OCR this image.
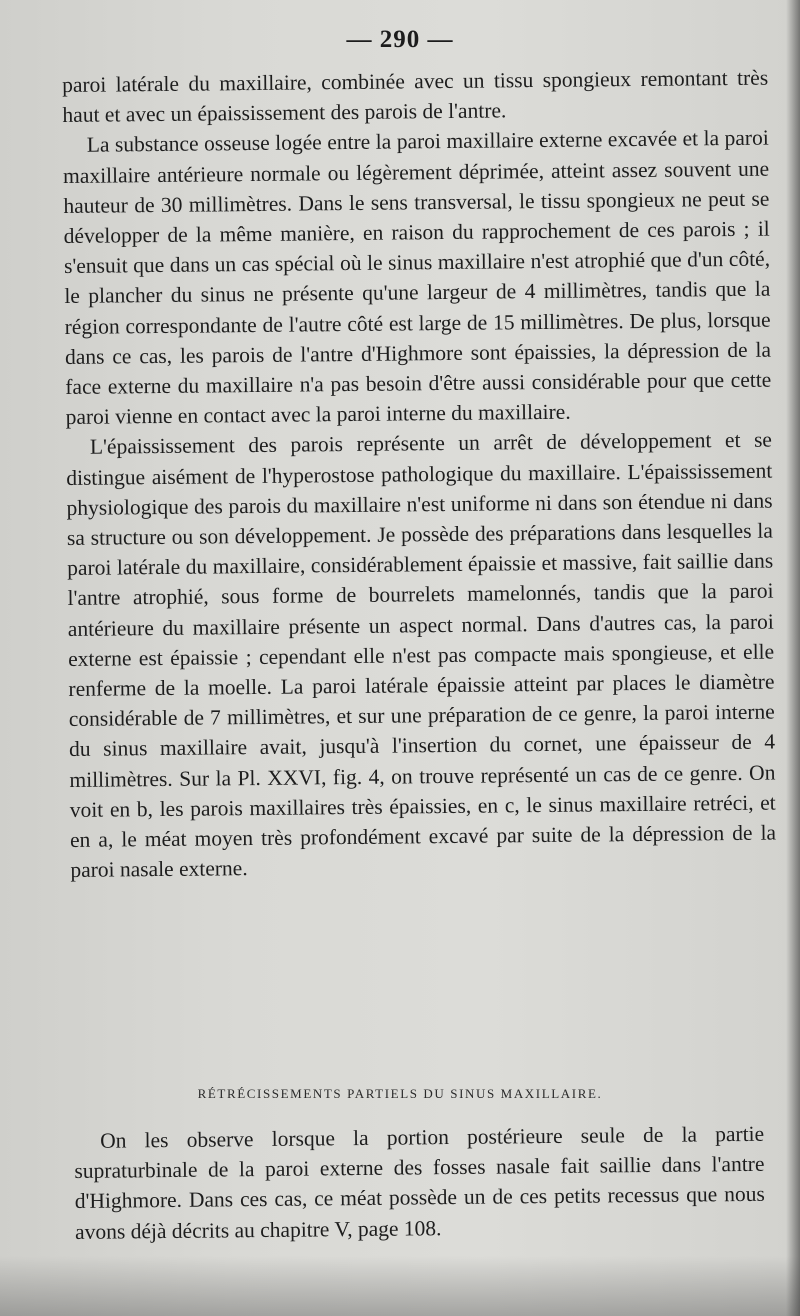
— 290 —

paroi latérale du maxillaire, combinée avec un tissu spongieux remontant très haut et avec un épaississement des parois de l'antre.

La substance osseuse logée entre la paroi maxillaire externe excavée et la paroi maxillaire antérieure normale ou légèrement déprimée, atteint assez souvent une hauteur de 30 millimètres. Dans le sens transversal, le tissu spongieux ne peut se développer de la même manière, en raison du rapprochement de ces parois ; il s'ensuit que dans un cas spécial où le sinus maxillaire n'est atrophié que d'un côté, le plancher du sinus ne présente qu'une largeur de 4 millimètres, tandis que la région correspondante de l'autre côté est large de 15 millimètres. De plus, lorsque dans ce cas, les parois de l'antre d'Highmore sont épaissies, la dépression de la face externe du maxillaire n'a pas besoin d'être aussi considérable pour que cette paroi vienne en contact avec la paroi interne du maxillaire.

L'épaississement des parois représente un arrêt de développement et se distingue aisément de l'hyperostose pathologique du maxillaire. L'épaississement physiologique des parois du maxillaire n'est uniforme ni dans son étendue ni dans sa structure ou son développement. Je possède des préparations dans lesquelles la paroi latérale du maxillaire, considérablement épaissie et massive, fait saillie dans l'antre atrophié, sous forme de bourrelets mamelonnés, tandis que la paroi antérieure du maxillaire présente un aspect normal. Dans d'autres cas, la paroi externe est épaissie ; cependant elle n'est pas compacte mais spongieuse, et elle renferme de la moelle. La paroi latérale épaissie atteint par places le diamètre considérable de 7 millimètres, et sur une préparation de ce genre, la paroi interne du sinus maxillaire avait, jusqu'à l'insertion du cornet, une épaisseur de 4 millimètres. Sur la Pl. XXVI, fig. 4, on trouve représenté un cas de ce genre. On voit en b, les parois maxillaires très épaissies, en c, le sinus maxillaire retréci, et en a, le méat moyen très profondément excavé par suite de la dépression de la paroi nasale externe.

RÉTRÉCISSEMENTS PARTIELS DU SINUS MAXILLAIRE.

On les observe lorsque la portion postérieure seule de la partie supraturbinale de la paroi externe des fosses nasale fait saillie dans l'antre d'Highmore. Dans ces cas, ce méat possède un de ces petits recessus que nous avons déjà décrits au chapitre V, page 108.
